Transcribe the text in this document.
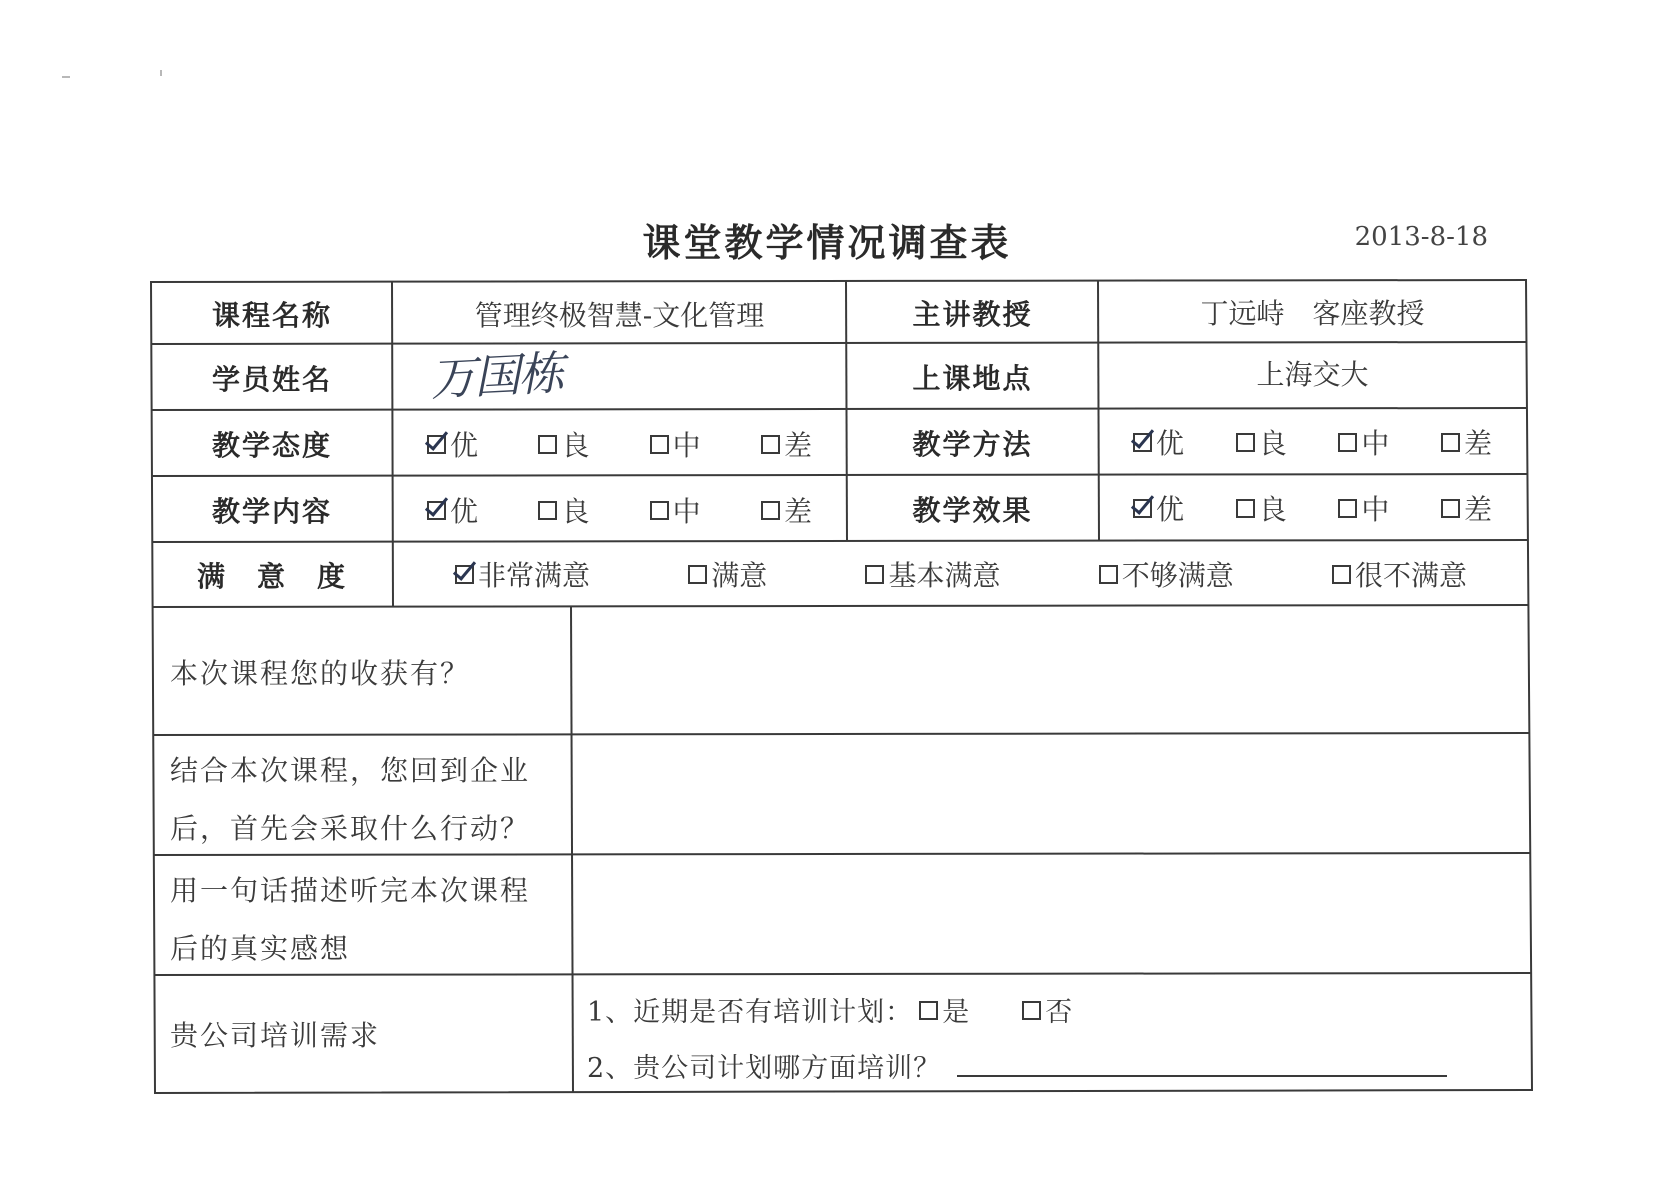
课堂教学情况调查表	2013-8-18
课程名称	管理终极智慧-文化管理	主讲教授	丁远峙　客座教授
学员姓名	万国栋	上课地点	上海交大
教学态度	优	良	中	差	教学方法	优	良	中	差
教学内容	优	良	中	差	教学效果	优	良	中	差
满　意　度	非常满意	满意	基本满意	不够满意	很不满意
本次课程您的收获有？
结合本次课程，您回到企业
后，首先会采取什么行动？
用一句话描述听完本次课程
后的真实感想
贵公司培训需求
1、近期是否有培训计划： 是	否
2、贵公司计划哪方面培训？
